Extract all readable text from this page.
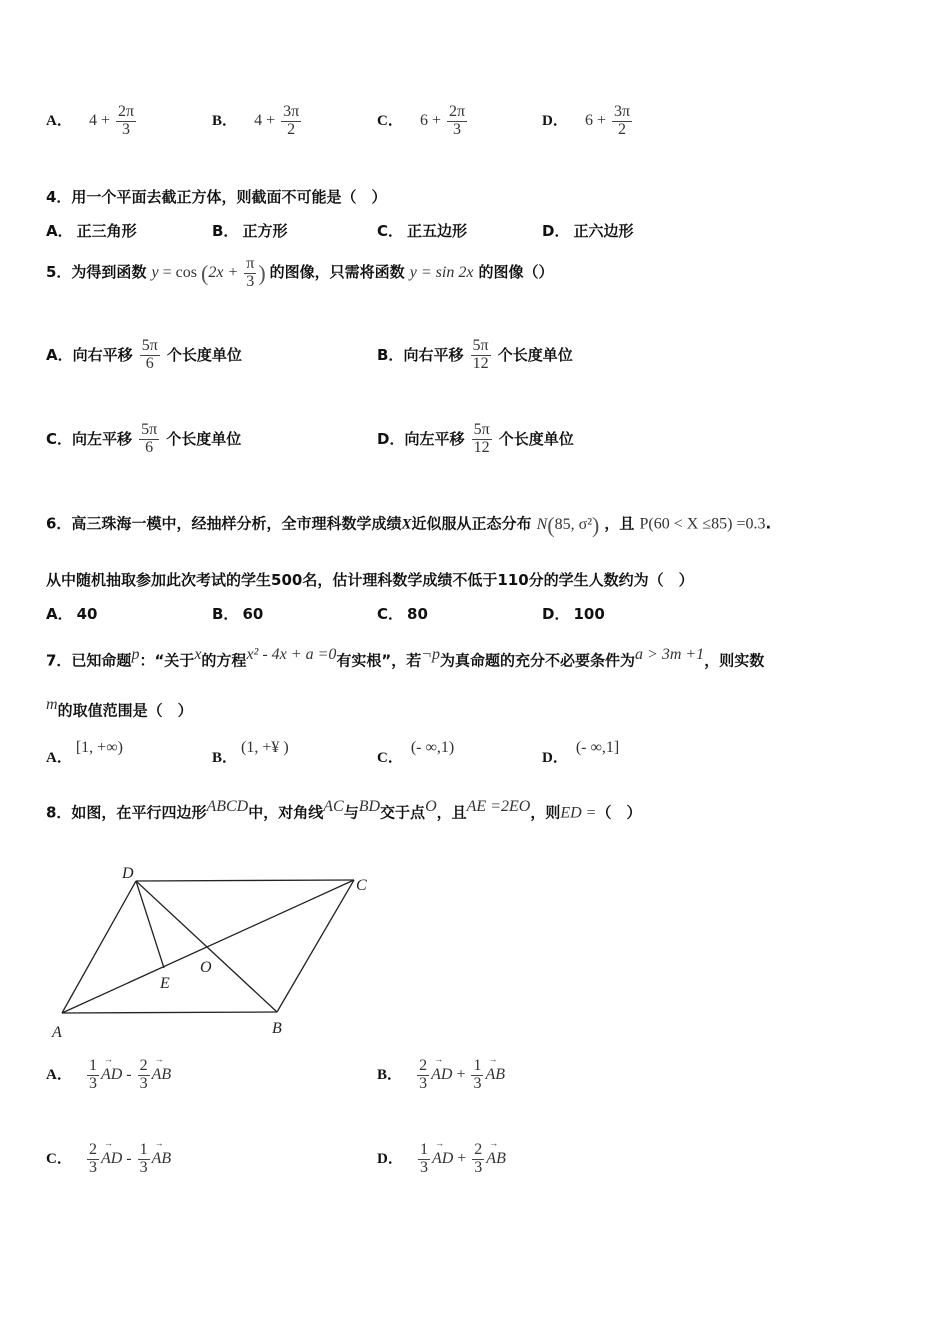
A． $4 + \frac{2\pi}{3}$	B． $4 + \frac{3\pi}{2}$	C． $6 + \frac{2\pi}{3}$	D． $6 + \frac{3\pi}{2}$
4．用一个平面去截正方体，则截面不可能是（　）
A． 正三角形	B． 正方形	C． 正五边形	D． 正六边形
5．为得到函数 $y = \cos (2x + \frac{\pi}{3}$ ) 的图像，只需将函数 y = sin 2x 的图像（）
A．向右平移 $\frac{5\pi}{6}$ 个长度单位	B．向右平移 $\frac{5\pi}{12}$ 个长度单位
C．向左平移 $\frac{5\pi}{6}$ 个长度单位	D．向左平移 $\frac{5\pi}{12}$ 个长度单位
6．高三珠海一模中，经抽样分析，全市理科数学成绩X近似服从正态分布 N(85, σ²) ，且 P(60 < X ≤85) =0.3.
从中随机抽取参加此次考试的学生500名，估计理科数学成绩不低于110分的学生人数约为（　）
A． 40	B． 60	C． 80	D． 100
7．已知命题$^p$：“关于$^x$的方程$^{x^2 - 4x + a =0}$有实根”，若$^{\neg p}$为真命题的充分不必要条件为$^{a > 3m +1}$，则实数
$^m$的取值范围是（　）
A．[1, +∞)
B．(1, +¥ )
C．(- ∞,1)
D．(- ∞,1]
8．如图，在平行四边形$^{ABCD}$中，对角线$^{AC}$与$^{BD}$交于点$^O$，且$^{AE =2EO}$，则ED =（　）
D
C
A	B
E
O
A． $\frac{1}{3}$ → AD - $\frac{2}{3}$ → AB	B． $\frac{2}{3}$ → AD + $\frac{1}{3}$ → AB
C． $\frac{2}{3}$ → AD - $\frac{1}{3}$ → AB	D． $\frac{1}{3}$ → AD + $\frac{2}{3}$ → AB
